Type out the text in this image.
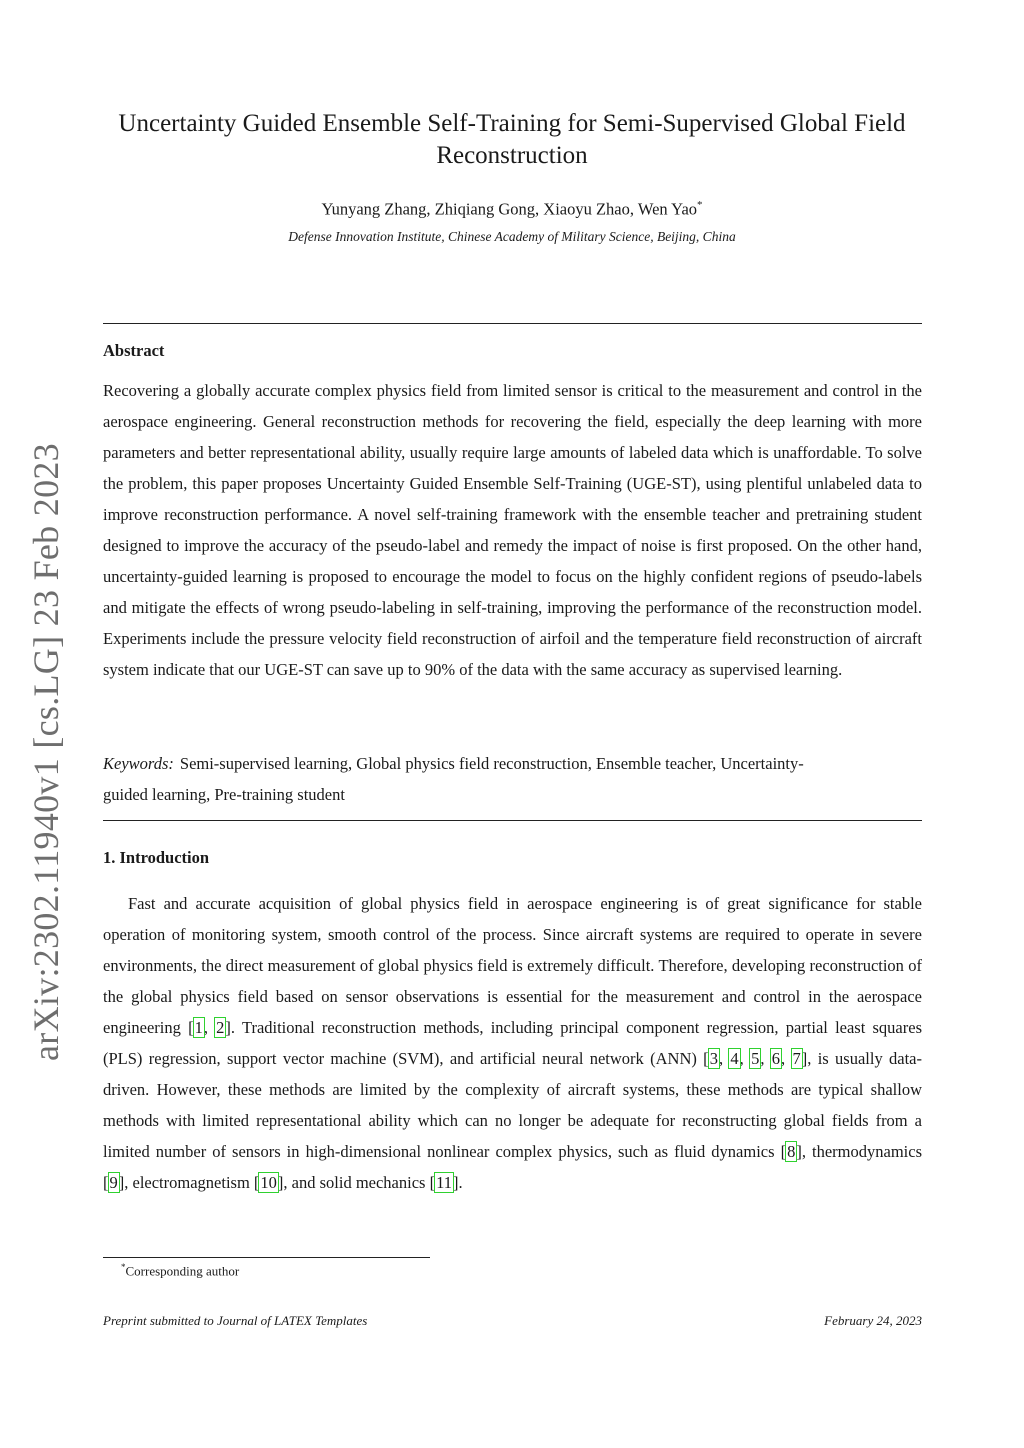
arXiv:2302.11940v1 [cs.LG] 23 Feb 2023
Uncertainty Guided Ensemble Self-Training for Semi-Supervised Global Field Reconstruction
Yunyang Zhang, Zhiqiang Gong, Xiaoyu Zhao, Wen Yao*
Defense Innovation Institute, Chinese Academy of Military Science, Beijing, China
Abstract

Recovering a globally accurate complex physics field from limited sensor is critical to the measurement and control in the aerospace engineering. General reconstruction methods for recovering the field, especially the deep learning with more parameters and better representational ability, usually require large amounts of labeled data which is unaffordable. To solve the problem, this paper proposes Uncertainty Guided Ensemble Self-Training (UGE-ST), using plentiful unlabeled data to improve reconstruction performance. A novel self-training framework with the ensemble teacher and pretraining student designed to improve the accuracy of the pseudo-label and remedy the impact of noise is first proposed. On the other hand, uncertainty-guided learning is proposed to encourage the model to focus on the highly confident regions of pseudo-labels and mitigate the effects of wrong pseudo-labeling in self-training, improving the performance of the reconstruction model. Experiments include the pressure velocity field reconstruction of airfoil and the temperature field reconstruction of aircraft system indicate that our UGE-ST can save up to 90% of the data with the same accuracy as supervised learning.

Keywords: Semi-supervised learning, Global physics field reconstruction, Ensemble teacher, Uncertainty-guided learning, Pre-training student

1. Introduction

Fast and accurate acquisition of global physics field in aerospace engineering is of great significance for stable operation of monitoring system, smooth control of the process. Since aircraft systems are required to operate in severe environments, the direct measurement of global physics field is extremely difficult. Therefore, developing reconstruction of the global physics field based on sensor observations is essential for the measurement and control in the aerospace engineering [1, 2]. Traditional reconstruction methods, including principal component regression, partial least squares (PLS) regression, support vector machine (SVM), and artificial neural network (ANN) [3, 4, 5, 6, 7], is usually data-driven. However, these methods are limited by the complexity of aircraft systems, these methods are typical shallow methods with limited representational ability which can no longer be adequate for reconstructing global fields from a limited number of sensors in high-dimensional nonlinear complex physics, such as fluid dynamics [8], thermodynamics [9], electromagnetism [10], and solid mechanics [11].

*Corresponding author
Preprint submitted to Journal of LATEX Templates	February 24, 2023
